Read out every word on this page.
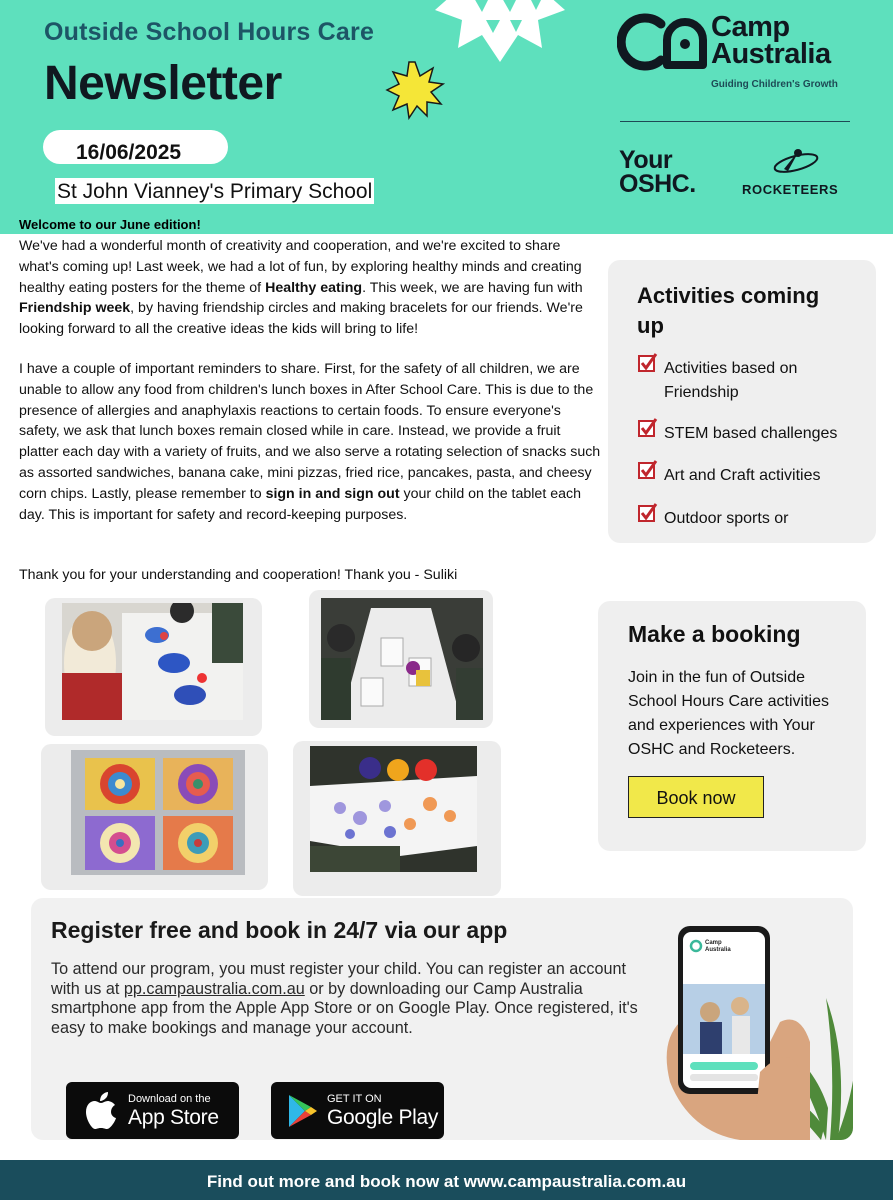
Outside School Hours Care
Newsletter
16/06/2025
St John Vianney's Primary School
Camp
Australia
Guiding Children's Growth
Your
OSHC.	ROCKETEERS
Welcome to our June edition!
We've had a wonderful month of creativity and cooperation, and we're excited to share what's coming up! Last week, we had a lot of fun, by exploring healthy minds and creating healthy eating posters for the theme of Healthy eating. This week, we are having fun with Friendship week, by having friendship circles and making bracelets for our friends. We're looking forward to all the creative ideas the kids will bring to life!
I have a couple of important reminders to share. First, for the safety of all children, we are unable to allow any food from children's lunch boxes in After School Care. This is due to the presence of allergies and anaphylaxis reactions to certain foods. To ensure everyone's safety, we ask that lunch boxes remain closed while in care. Instead, we provide a fruit platter each day with a variety of fruits, and we also serve a rotating selection of snacks such as assorted sandwiches, banana cake, mini pizzas, fried rice, pancakes, pasta, and cheesy corn chips. Lastly, please remember to sign in and sign out your child on the tablet each day. This is important for safety and record-keeping purposes.
Thank you for your understanding and cooperation! Thank you - Suliki
Activities coming up
Activities based on Friendship
STEM based challenges
Art and Craft activities
Outdoor sports or
Make a booking
Join in the fun of Outside School Hours Care activities and experiences with Your OSHC and Rocketeers.
Book now
Register free and book in 24/7 via our app
To attend our program, you must register your child. You can register an account with us at pp.campaustralia.com.au or by downloading our Camp Australia smartphone app from the Apple App Store or on Google Play. Once registered, it's easy to make bookings and manage your account.
Download on the
App Store
GET IT ON
Google Play
Camp
Australia
Find out more and book now at www.campaustralia.com.au
